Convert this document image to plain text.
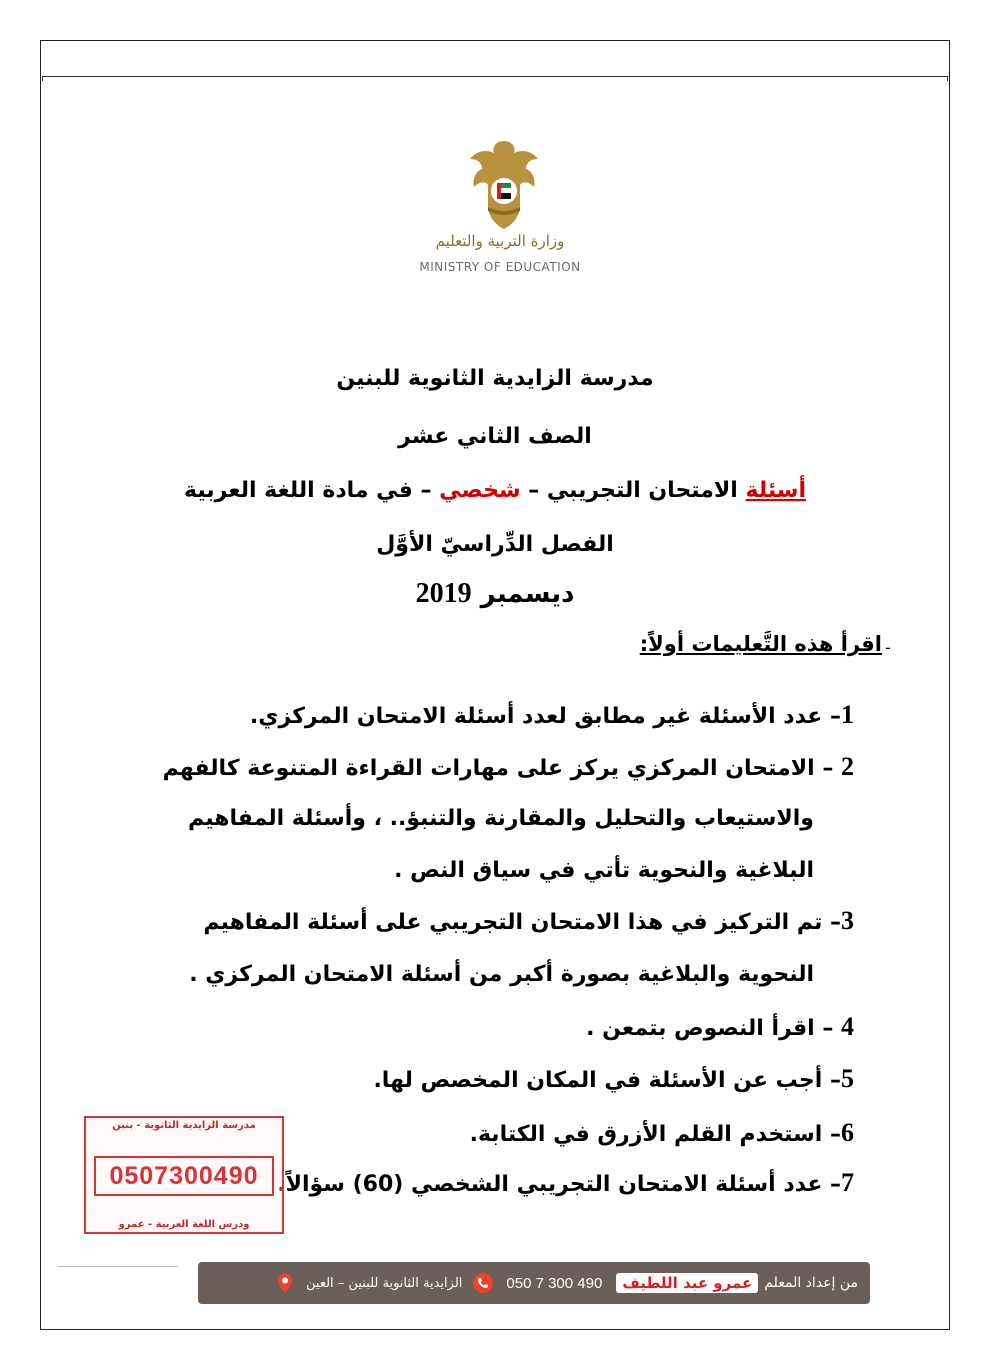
وزارة التربية والتعليم
MINISTRY OF EDUCATION
مدرسة الزايدية الثانوية للبنين
الصف الثاني عشر
أسئلة الامتحان التجريبي – شخصي – في مادة اللغة العربية
الفصل الدِّراسيّ الأوَّل
ديسمبر 2019
اقرأ هذه التَّعليمات أولاً: -
1– عدد الأسئلة غير مطابق لعدد أسئلة الامتحان المركزي.
2 – الامتحان المركزي يركز على مهارات القراءة المتنوعة كالفهم
والاستيعاب والتحليل والمقارنة والتنبؤ.. ، وأسئلة المفاهيم
البلاغية والنحوية تأتي في سياق النص .
3– تم التركيز في هذا الامتحان التجريبي على أسئلة المفاهيم
النحوية والبلاغية بصورة أكبر من أسئلة الامتحان المركزي .
4 – اقرأ النصوص بتمعن .
5– أجب عن الأسئلة في المكان المخصص لها.
6– استخدم القلم الأزرق في الكتابة.
7– عدد أسئلة الامتحان التجريبي الشخصي (60) سؤالاً.
مدرسة الزايدية الثانوية - بنين
0507300490
ودرس اللغة العربية - عمرو
من إعداد المعلم
عمرو عبد اللطيف
050 7 300 490
الزايدية الثانوية للبنين – العين
